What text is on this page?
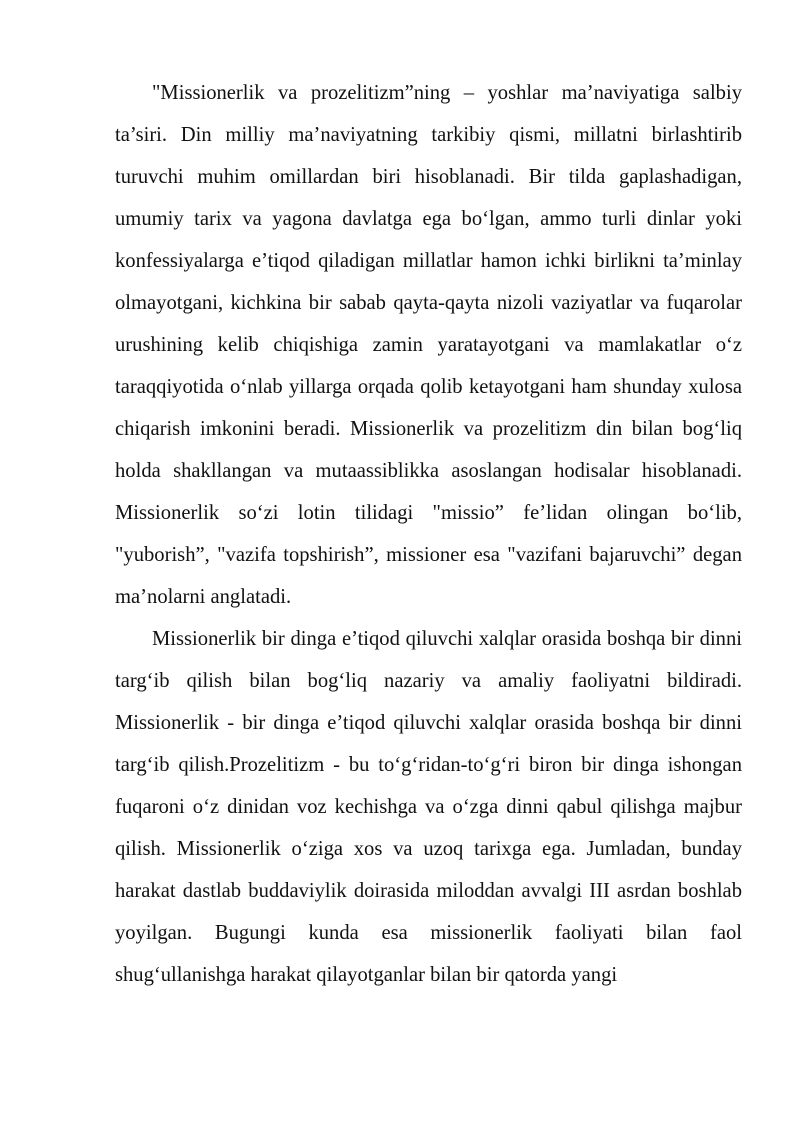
"Missionerlik va prozelitizm”ning – yoshlar ma’naviyatiga salbiy ta’siri. Din milliy ma’naviyatning tarkibiy qismi, millatni birlashtirib turuvchi muhim omillardan biri hisoblanadi. Bir tilda gaplashadigan, umumiy tarix va yagona davlatga ega bo‘lgan, ammo turli dinlar yoki konfessiyalarga e’tiqod qiladigan millatlar hamon ichki birlikni ta’minlay olmayotgani, kichkina bir sabab qayta-qayta nizoli vaziyatlar va fuqarolar urushining kelib chiqishiga zamin yaratayotgani va mamlakatlar o‘z taraqqiyotida o‘nlab yillarga orqada qolib ketayotgani ham shunday xulosa chiqarish imkonini beradi. Missionerlik va prozelitizm din bilan bog‘liq holda shakllangan va mutaassiblikka asoslangan hodisalar hisoblanadi. Missionerlik so‘zi lotin tilidagi "missio” fe’lidan olingan bo‘lib, "yuborish”, "vazifa topshirish”, missioner esa "vazifani bajaruvchi” degan ma’nolarni anglatadi.

Missionerlik bir dinga e’tiqod qiluvchi xalqlar orasida boshqa bir dinni targ‘ib qilish bilan bog‘liq nazariy va amaliy faoliyatni bildiradi. Missionerlik - bir dinga e’tiqod qiluvchi xalqlar orasida boshqa bir dinni targ‘ib qilish.Prozelitizm - bu to‘g‘ridan-to‘g‘ri biron bir dinga ishongan fuqaroni o‘z dinidan voz kechishga va o‘zga dinni qabul qilishga majbur qilish. Missionerlik o‘ziga xos va uzoq tarixga ega. Jumladan, bunday harakat dastlab buddaviylik doirasida miloddan avvalgi III asrdan boshlab yoyilgan. Bugungi kunda esa missionerlik faoliyati bilan faol shug‘ullanishga harakat qilayotganlar bilan bir qatorda yangi
